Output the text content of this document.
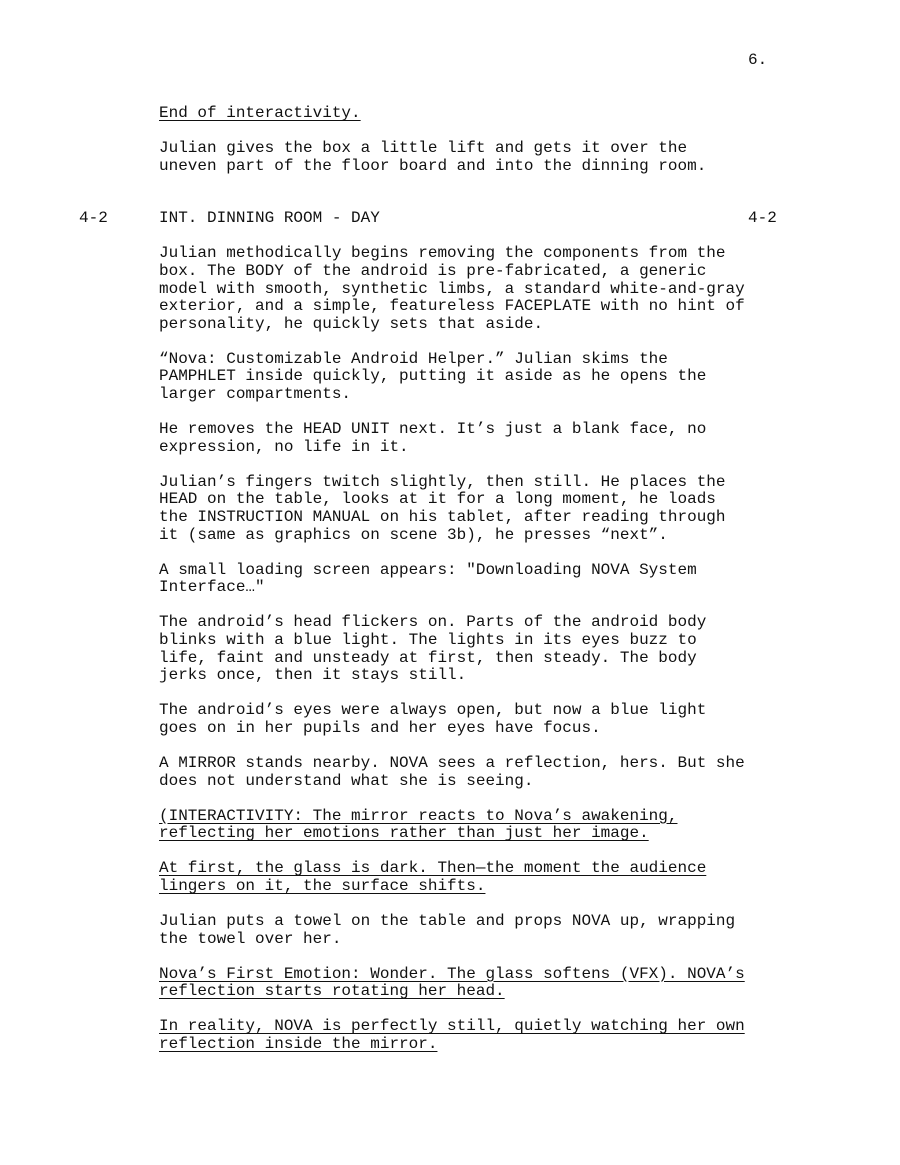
6.

End of interactivity.

Julian gives the box a little lift and gets it over the
uneven part of the floor board and into the dinning room.

4-2	INT. DINNING ROOM - DAY	4-2

Julian methodically begins removing the components from the
box. The BODY of the android is pre-fabricated, a generic
model with smooth, synthetic limbs, a standard white-and-gray
exterior, and a simple, featureless FACEPLATE with no hint of
personality, he quickly sets that aside.

“Nova: Customizable Android Helper.” Julian skims the
PAMPHLET inside quickly, putting it aside as he opens the
larger compartments.

He removes the HEAD UNIT next. It’s just a blank face, no
expression, no life in it.

Julian’s fingers twitch slightly, then still. He places the
HEAD on the table, looks at it for a long moment, he loads
the INSTRUCTION MANUAL on his tablet, after reading through
it (same as graphics on scene 3b), he presses “next”.

A small loading screen appears: "Downloading NOVA System
Interface…"

The android’s head flickers on. Parts of the android body
blinks with a blue light. The lights in its eyes buzz to
life, faint and unsteady at first, then steady. The body
jerks once, then it stays still.

The android’s eyes were always open, but now a blue light
goes on in her pupils and her eyes have focus.

A MIRROR stands nearby. NOVA sees a reflection, hers. But she
does not understand what she is seeing.

(INTERACTIVITY: The mirror reacts to Nova’s awakening,
reflecting her emotions rather than just her image.

At first, the glass is dark. Then—the moment the audience
lingers on it, the surface shifts.

Julian puts a towel on the table and props NOVA up, wrapping
the towel over her.

Nova’s First Emotion: Wonder. The glass softens (VFX). NOVA’s
reflection starts rotating her head.

In reality, NOVA is perfectly still, quietly watching her own
reflection inside the mirror.
